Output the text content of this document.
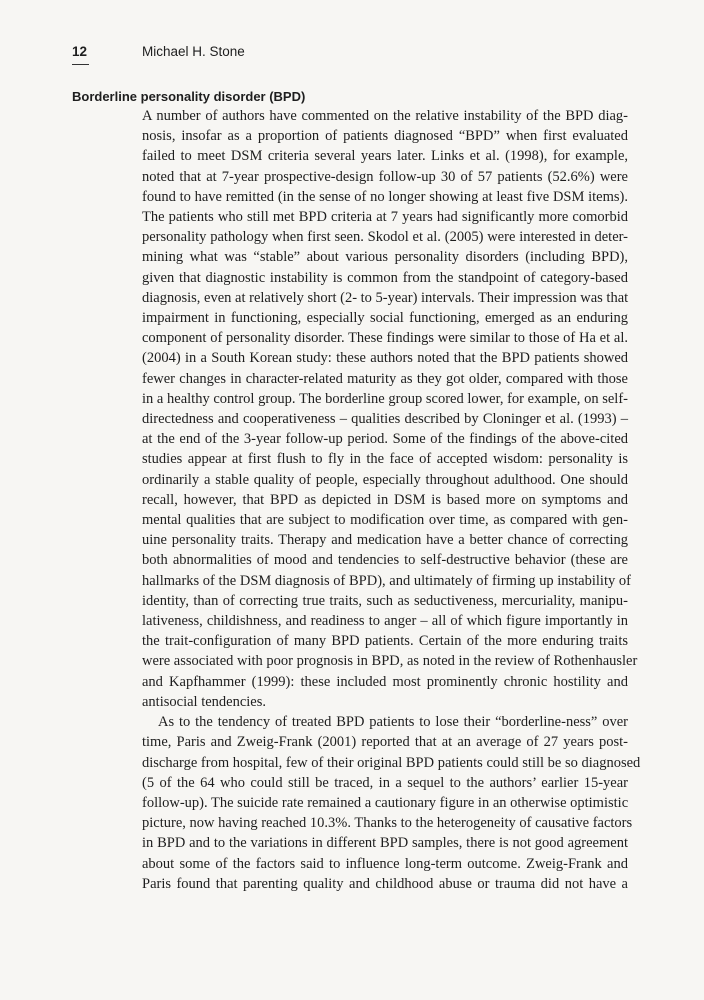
12	Michael H. Stone
Borderline personality disorder (BPD)

A number of authors have commented on the relative instability of the BPD diag-
nosis, insofar as a proportion of patients diagnosed “BPD” when first evaluated
failed to meet DSM criteria several years later. Links et al. (1998), for example,
noted that at 7-year prospective-design follow-up 30 of 57 patients (52.6%) were
found to have remitted (in the sense of no longer showing at least five DSM items).
The patients who still met BPD criteria at 7 years had significantly more comorbid
personality pathology when first seen. Skodol et al. (2005) were interested in deter-
mining what was “stable” about various personality disorders (including BPD),
given that diagnostic instability is common from the standpoint of category-based
diagnosis, even at relatively short (2- to 5-year) intervals. Their impression was that
impairment in functioning, especially social functioning, emerged as an enduring
component of personality disorder. These findings were similar to those of Ha et al.
(2004) in a South Korean study: these authors noted that the BPD patients showed
fewer changes in character-related maturity as they got older, compared with those
in a healthy control group. The borderline group scored lower, for example, on self-
directedness and cooperativeness – qualities described by Cloninger et al. (1993) –
at the end of the 3-year follow-up period. Some of the findings of the above-cited
studies appear at first flush to fly in the face of accepted wisdom: personality is
ordinarily a stable quality of people, especially throughout adulthood. One should
recall, however, that BPD as depicted in DSM is based more on symptoms and
mental qualities that are subject to modification over time, as compared with gen-
uine personality traits. Therapy and medication have a better chance of correcting
both abnormalities of mood and tendencies to self-destructive behavior (these are
hallmarks of the DSM diagnosis of BPD), and ultimately of firming up instability of
identity, than of correcting true traits, such as seductiveness, mercuriality, manipu-
lativeness, childishness, and readiness to anger – all of which figure importantly in
the trait-configuration of many BPD patients. Certain of the more enduring traits
were associated with poor prognosis in BPD, as noted in the review of Rothenhausler
and Kapfhammer (1999): these included most prominently chronic hostility and
antisocial tendencies.

As to the tendency of treated BPD patients to lose their “borderline-ness” over
time, Paris and Zweig-Frank (2001) reported that at an average of 27 years post-
discharge from hospital, few of their original BPD patients could still be so diagnosed
(5 of the 64 who could still be traced, in a sequel to the authors’ earlier 15-year
follow-up). The suicide rate remained a cautionary figure in an otherwise optimistic
picture, now having reached 10.3%. Thanks to the heterogeneity of causative factors
in BPD and to the variations in different BPD samples, there is not good agreement
about some of the factors said to influence long-term outcome. Zweig-Frank and
Paris found that parenting quality and childhood abuse or trauma did not have a
